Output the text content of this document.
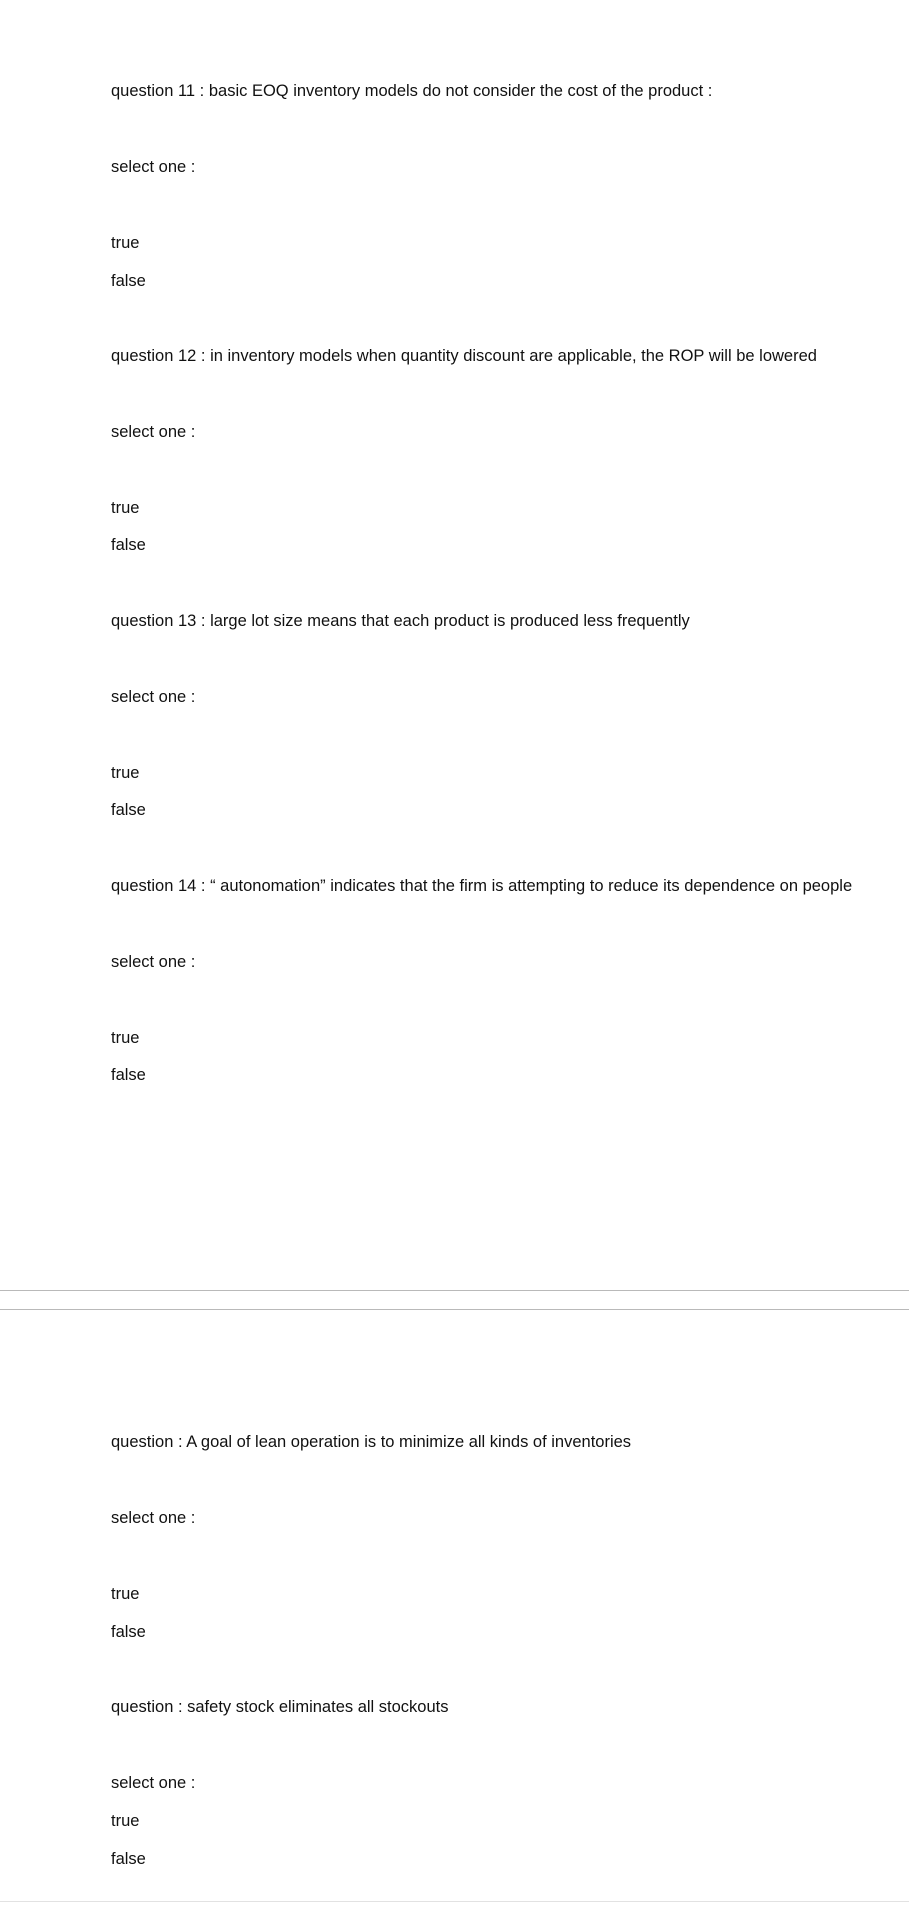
question 11 : basic EOQ inventory models do not consider the cost of the product :
select one :
true
false
question 12 : in inventory models when quantity discount are applicable, the ROP will be lowered
select one :
true
false
question 13 : large lot size means that each product is produced less frequently
select one :
true
false
question 14 : “ autonomation” indicates that the firm is attempting to reduce its dependence on people
select one :
true
false
question : A goal of lean operation is to minimize all kinds of inventories
select one :
true
false
question : safety stock eliminates all stockouts
select one :
true
false
